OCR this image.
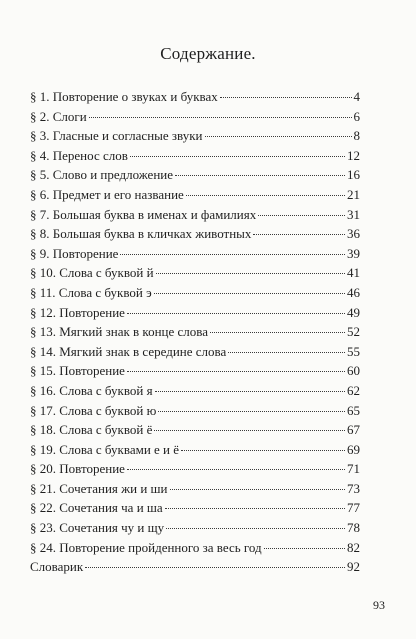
Содержание.
§ 1. Повторение о звуках и буквах	4
§ 2. Слоги	6
§ 3. Гласные и согласные звуки	8
§ 4. Перенос слов	12
§ 5. Слово и предложение	16
§ 6. Предмет и его название	21
§ 7. Большая буква в именах и фамилиях	31
§ 8. Большая буква в кличках животных	36
§ 9. Повторение	39
§ 10. Слова с буквой й	41
§ 11. Слова с буквой э	46
§ 12. Повторение	49
§ 13. Мягкий знак в конце слова	52
§ 14. Мягкий знак в середине слова	55
§ 15. Повторение	60
§ 16. Слова с буквой я	62
§ 17. Слова с буквой ю	65
§ 18. Слова с буквой ё	67
§ 19. Слова с буквами е и ё	69
§ 20. Повторение	71
§ 21. Сочетания жи и ши	73
§ 22. Сочетания ча и ша	77
§ 23. Сочетания чу и щу	78
§ 24. Повторение пройденного за весь год	82
Словарик	92
93
